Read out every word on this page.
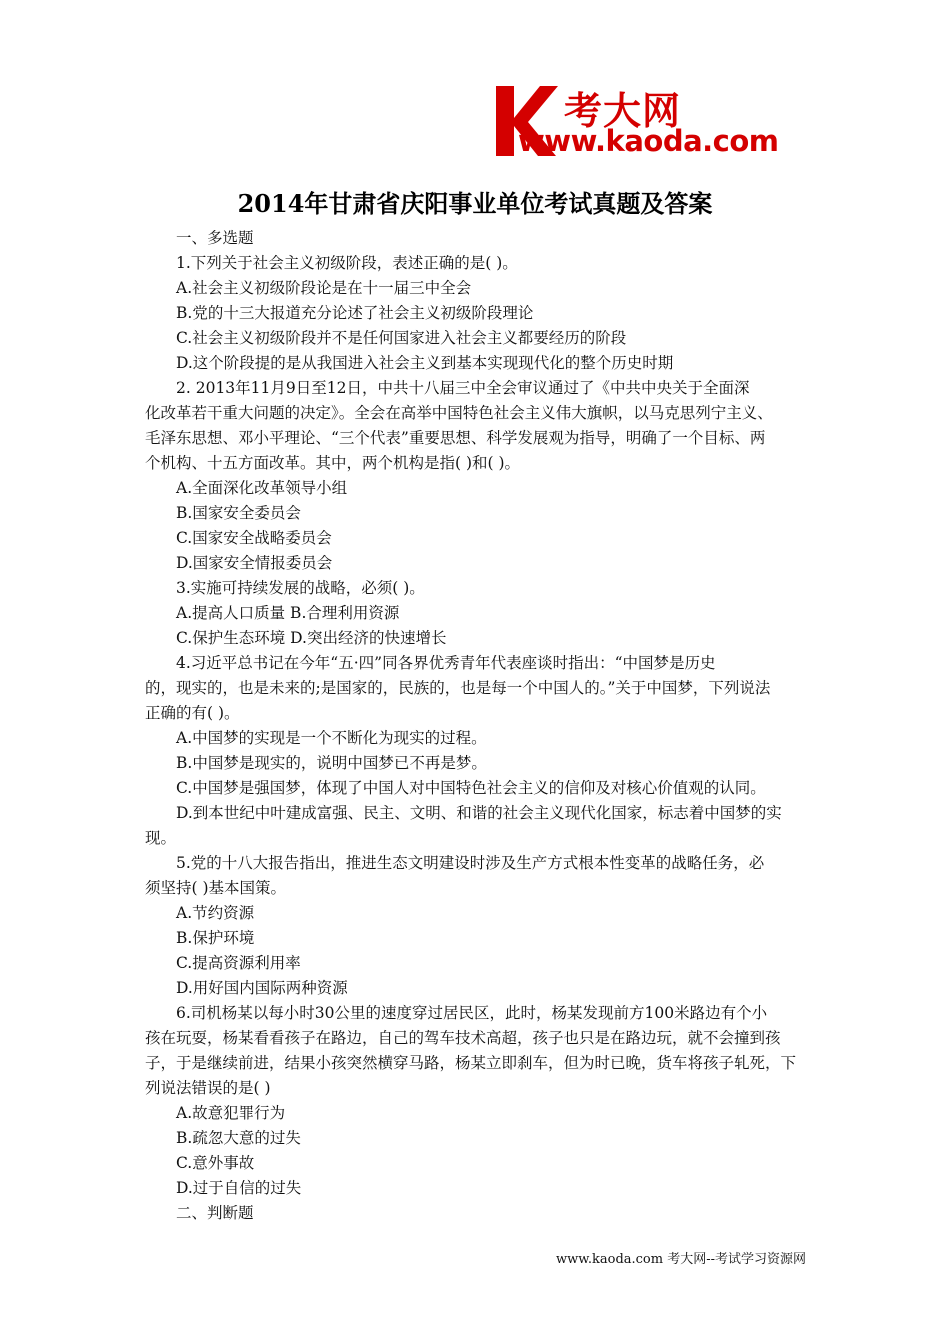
考大网
www.kaoda.com
2014年甘肃省庆阳事业单位考试真题及答案
一、多选题
1.下列关于社会主义初级阶段，表述正确的是( )。
A.社会主义初级阶段论是在十一届三中全会
B.党的十三大报道充分论述了社会主义初级阶段理论
C.社会主义初级阶段并不是任何国家进入社会主义都要经历的阶段
D.这个阶段提的是从我国进入社会主义到基本实现现代化的整个历史时期
2. 2013年11月9日至12日，中共十八届三中全会审议通过了《中共中央关于全面深
化改革若干重大问题的决定》。全会在高举中国特色社会主义伟大旗帜，以马克思列宁主义、
毛泽东思想、邓小平理论、“三个代表”重要思想、科学发展观为指导，明确了一个目标、两
个机构、十五方面改革。其中，两个机构是指( )和( )。
A.全面深化改革领导小组
B.国家安全委员会
C.国家安全战略委员会
D.国家安全情报委员会
3.实施可持续发展的战略，必须( )。
A.提高人口质量 B.合理利用资源
C.保护生态环境 D.突出经济的快速增长
4.习近平总书记在今年“五·四”同各界优秀青年代表座谈时指出：“中国梦是历史
的，现实的，也是未来的;是国家的，民族的，也是每一个中国人的。”关于中国梦，下列说法
正确的有( )。
A.中国梦的实现是一个不断化为现实的过程。
B.中国梦是现实的，说明中国梦已不再是梦。
C.中国梦是强国梦，体现了中国人对中国特色社会主义的信仰及对核心价值观的认同。
D.到本世纪中叶建成富强、民主、文明、和谐的社会主义现代化国家，标志着中国梦的实
现。
5.党的十八大报告指出，推进生态文明建设时涉及生产方式根本性变革的战略任务，必
须坚持( )基本国策。
A.节约资源
B.保护环境
C.提高资源利用率
D.用好国内国际两种资源
6.司机杨某以每小时30公里的速度穿过居民区，此时，杨某发现前方100米路边有个小
孩在玩耍，杨某看看孩子在路边，自己的驾车技术高超，孩子也只是在路边玩，就不会撞到孩
子，于是继续前进，结果小孩突然横穿马路，杨某立即刹车，但为时已晚，货车将孩子轧死，下
列说法错误的是( )
A.故意犯罪行为
B.疏忽大意的过失
C.意外事故
D.过于自信的过失
二、判断题
www.kaoda.com 考大网--考试学习资源网
